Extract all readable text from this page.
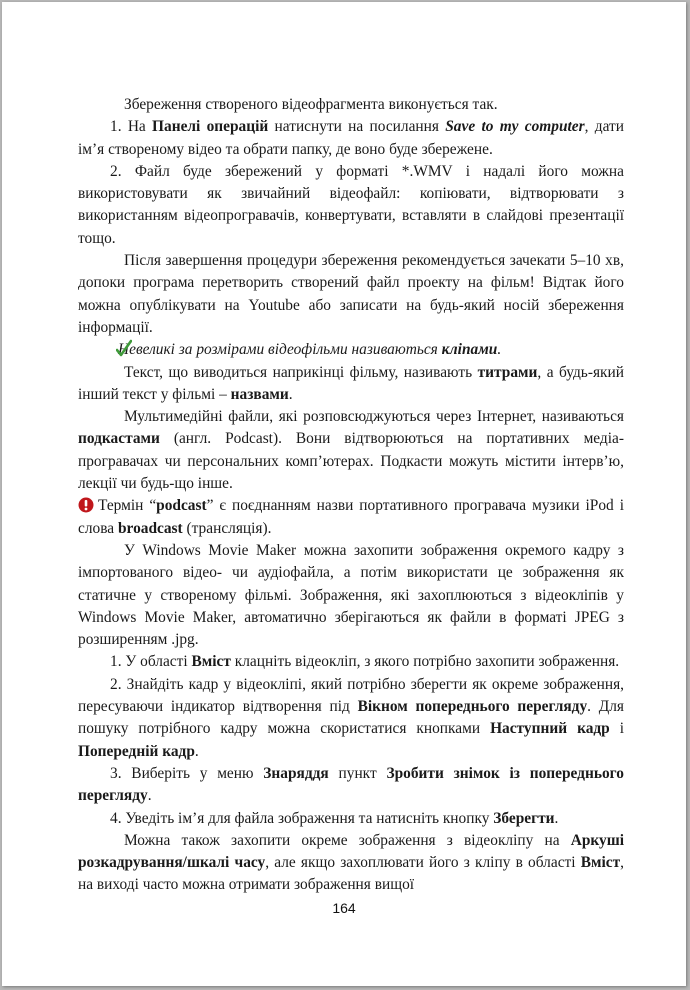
Збереження створеного відеофрагмента виконується так.

1. На Панелі операцій натиснути на посилання Save to my computer, дати ім’я створеному відео та обрати папку, де воно буде збережене.

2. Файл буде збережений у форматі *.WMV і надалі його можна використовувати як звичайний відеофайл: копіювати, відтворювати з використанням відеопрогравачів, конвертувати, вставляти в слайдові презентації тощо.

Після завершення процедури збереження рекомендується зачекати 5–10 хв, допоки програма перетворить створений файл проекту на фільм! Відтак його можна опублікувати на Youtube або записати на будь-який носій збереження інформації.

Невеликі за розмірами відеофільми називаються кліпами.

Текст, що виводиться наприкінці фільму, називають титрами, а будь-який інший текст у фільмі – назвами.

Мультимедійні файли, які розповсюджуються через Інтернет, називаються подкастами (англ. Podcast). Вони відтворюються на портативних медіа-програвачах чи персональних комп’ютерах. Подкасти можуть містити інтерв’ю, лекції чи будь-що інше.

Термін “podcast” є поєднанням назви портативного програвача музики iPod і слова broadcast (трансляція).

У Windows Movie Maker можна захопити зображення окремого кадру з імпортованого відео- чи аудіофайла, а потім використати це зображення як статичне у створеному фільмі. Зображення, які захоплюються з відеокліпів у Windows Movie Maker, автоматично зберігаються як файли в форматі JPEG з розширенням .jpg.

1. У області Вміст клацніть відеокліп, з якого потрібно захопити зображення.

2. Знайдіть кадр у відеокліпі, який потрібно зберегти як окреме зображення, пересуваючи індикатор відтворення під Вікном попереднього перегляду. Для пошуку потрібного кадру можна скористатися кнопками Наступний кадр і Попередній кадр.

3. Виберіть у меню Знаряддя пункт Зробити знімок із попереднього перегляду.

4. Уведіть ім’я для файла зображення та натисніть кнопку Зберегти.

Можна також захопити окреме зображення з відеокліпу на Аркуші розкадрування/шкалі часу, але якщо захоплювати його з кліпу в області Вміст, на виході часто можна отримати зображення вищої

164
